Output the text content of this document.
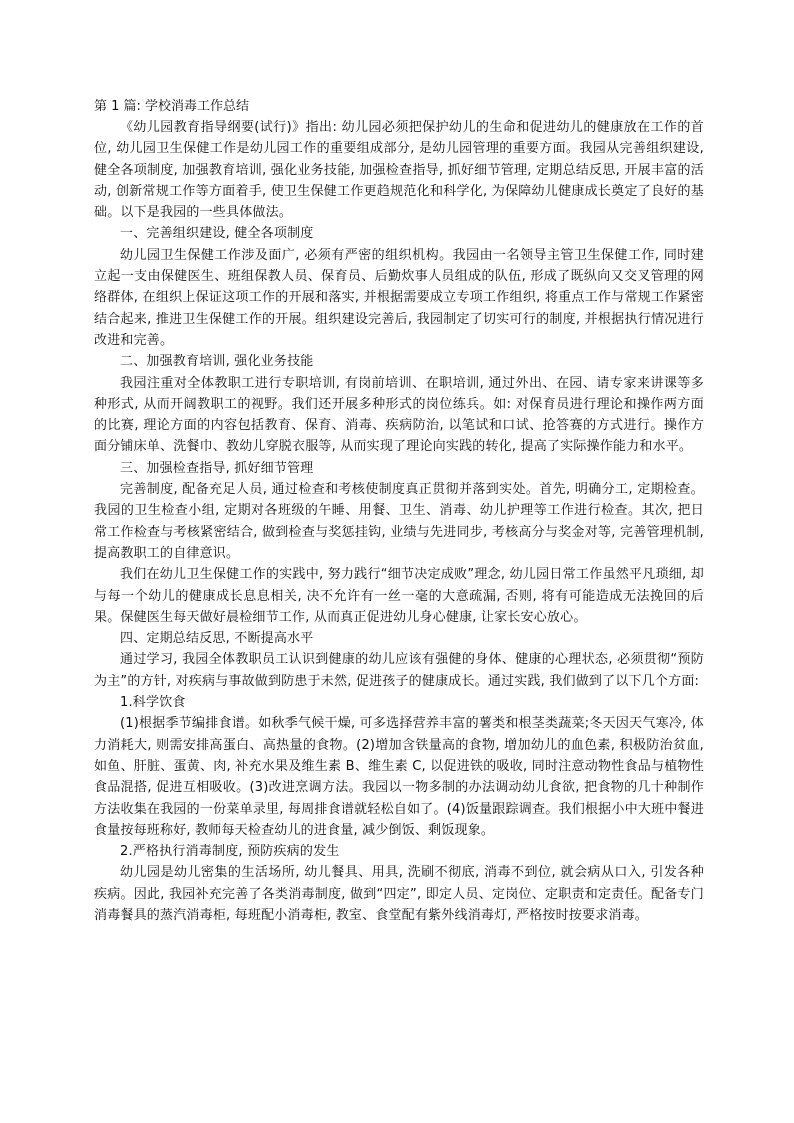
第 1 篇: 学校消毒工作总结

《幼儿园教育指导纲要(试行)》指出: 幼儿园必须把保护幼儿的生命和促进幼儿的健康放在工作的首位, 幼儿园卫生保健工作是幼儿园工作的重要组成部分, 是幼儿园管理的重要方面。我园从完善组织建设, 健全各项制度, 加强教育培训, 强化业务技能, 加强检查指导, 抓好细节管理, 定期总结反思, 开展丰富的活动, 创新常规工作等方面着手, 使卫生保健工作更趋规范化和科学化, 为保障幼儿健康成长奠定了良好的基础。以下是我园的一些具体做法。

一、完善组织建设, 健全各项制度

幼儿园卫生保健工作涉及面广, 必须有严密的组织机构。我园由一名领导主管卫生保健工作, 同时建立起一支由保健医生、班组保教人员、保育员、后勤炊事人员组成的队伍, 形成了既纵向又交叉管理的网络群体, 在组织上保证这项工作的开展和落实, 并根据需要成立专项工作组织, 将重点工作与常规工作紧密结合起来, 推进卫生保健工作的开展。组织建设完善后, 我园制定了切实可行的制度, 并根据执行情况进行改进和完善。

二、加强教育培训, 强化业务技能

我园注重对全体教职工进行专职培训, 有岗前培训、在职培训, 通过外出、在园、请专家来讲课等多种形式, 从而开阔教职工的视野。我们还开展多种形式的岗位练兵。如: 对保育员进行理论和操作两方面的比赛, 理论方面的内容包括教育、保育、消毒、疾病防治, 以笔试和口试、抢答赛的方式进行。操作方面分铺床单、洗餐巾、教幼儿穿脱衣服等, 从而实现了理论向实践的转化, 提高了实际操作能力和水平。

三、加强检查指导, 抓好细节管理

完善制度, 配备充足人员, 通过检查和考核使制度真正贯彻并落到实处。首先, 明确分工, 定期检查。我园的卫生检查小组, 定期对各班级的午睡、用餐、卫生、消毒、幼儿护理等工作进行检查。其次, 把日常工作检查与考核紧密结合, 做到检查与奖惩挂钩, 业绩与先进同步, 考核高分与奖金对等, 完善管理机制, 提高教职工的自律意识。

我们在幼儿卫生保健工作的实践中, 努力践行“细节决定成败”理念, 幼儿园日常工作虽然平凡琐细, 却与每一个幼儿的健康成长息息相关, 决不允许有一丝一毫的大意疏漏, 否则, 将有可能造成无法挽回的后果。保健医生每天做好晨检细节工作, 从而真正促进幼儿身心健康, 让家长安心放心。

四、定期总结反思, 不断提高水平

通过学习, 我园全体教职员工认识到健康的幼儿应该有强健的身体、健康的心理状态, 必须贯彻“预防为主”的方针, 对疾病与事故做到防患于未然, 促进孩子的健康成长。通过实践, 我们做到了以下几个方面:

1.科学饮食

(1)根据季节编排食谱。如秋季气候干燥, 可多选择营养丰富的薯类和根茎类蔬菜;冬天因天气寒冷, 体力消耗大, 则需安排高蛋白、高热量的食物。(2)增加含铁量高的食物, 增加幼儿的血色素, 积极防治贫血, 如鱼、肝脏、蛋黄、肉, 补充水果及维生素 B、维生素 C, 以促进铁的吸收, 同时注意动物性食品与植物性食品混搭, 促进互相吸收。(3)改进烹调方法。我园以一物多制的办法调动幼儿食欲, 把食物的几十种制作方法收集在我园的一份菜单录里, 每周排食谱就轻松自如了。(4)饭量跟踪调查。我们根据小中大班中餐进食量按每班称好, 教师每天检查幼儿的进食量, 减少倒饭、剩饭现象。

2.严格执行消毒制度, 预防疾病的发生

幼儿园是幼儿密集的生活场所, 幼儿餐具、用具, 洗刷不彻底, 消毒不到位, 就会病从口入, 引发各种疾病。因此, 我园补充完善了各类消毒制度, 做到“四定”, 即定人员、定岗位、定职责和定责任。配备专门消毒餐具的蒸汽消毒柜, 每班配小消毒柜, 教室、食堂配有紫外线消毒灯, 严格按时按要求消毒。
